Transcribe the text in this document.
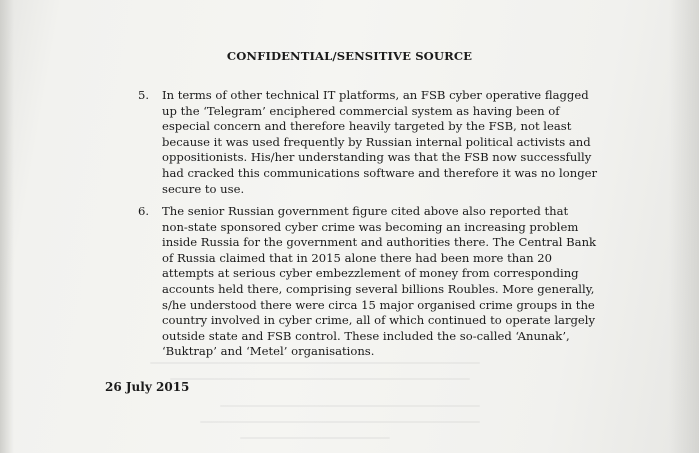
CONFIDENTIAL/SENSITIVE SOURCE
5. In terms of other technical IT platforms, an FSB cyber operative flagged
up the ‘Telegram’ enciphered commercial system as having been of
especial concern and therefore heavily targeted by the FSB, not least
because it was used frequently by Russian internal political activists and
oppositionists. His/her understanding was that the FSB now successfully
had cracked this communications software and therefore it was no longer
secure to use.
6. The senior Russian government figure cited above also reported that
non-state sponsored cyber crime was becoming an increasing problem
inside Russia for the government and authorities there. The Central Bank
of Russia claimed that in 2015 alone there had been more than 20
attempts at serious cyber embezzlement of money from corresponding
accounts held there, comprising several billions Roubles. More generally,
s/he understood there were circa 15 major organised crime groups in the
country involved in cyber crime, all of which continued to operate largely
outside state and FSB control. These included the so-called ‘Anunak’,
‘Buktrap’ and ‘Metel’ organisations.
26 July 2015
